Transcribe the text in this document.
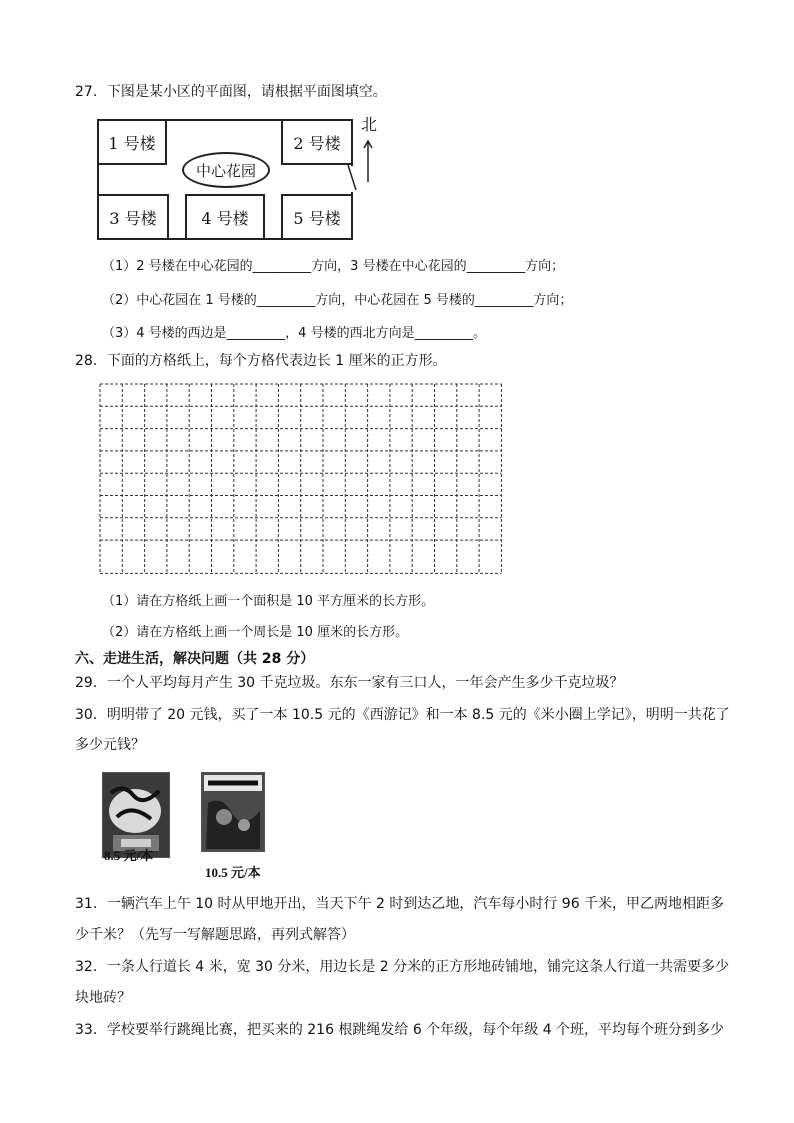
27．下图是某小区的平面图，请根据平面图填空。
1 号楼	2 号楼
3 号楼	4 号楼	5 号楼
中心花园
北
（1）2 号楼在中心花园的_________方向，3 号楼在中心花园的_________方向；
（2）中心花园在 1 号楼的_________方向，中心花园在 5 号楼的_________方向；
（3）4 号楼的西边是_________，4 号楼的西北方向是_________。
28．下面的方格纸上，每个方格代表边长 1 厘米的正方形。
（1）请在方格纸上画一个面积是 10 平方厘米的长方形。
（2）请在方格纸上画一个周长是 10 厘米的长方形。
六、走进生活，解决问题（共 28 分）
29．一个人平均每月产生 30 千克垃圾。东东一家有三口人，一年会产生多少千克垃圾？
30．明明带了 20 元钱，买了一本 10.5 元的《西游记》和一本 8.5 元的《米小圈上学记》，明明一共花了
多少元钱？
8.5 元/本
10.5 元/本
31．一辆汽车上午 10 时从甲地开出，当天下午 2 时到达乙地，汽车每小时行 96 千米，甲乙两地相距多
少千米？（先写一写解题思路，再列式解答）
32．一条人行道长 4 米，宽 30 分米，用边长是 2 分米的正方形地砖铺地，铺完这条人行道一共需要多少
块地砖？
33．学校要举行跳绳比赛，把买来的 216 根跳绳发给 6 个年级，每个年级 4 个班，平均每个班分到多少
